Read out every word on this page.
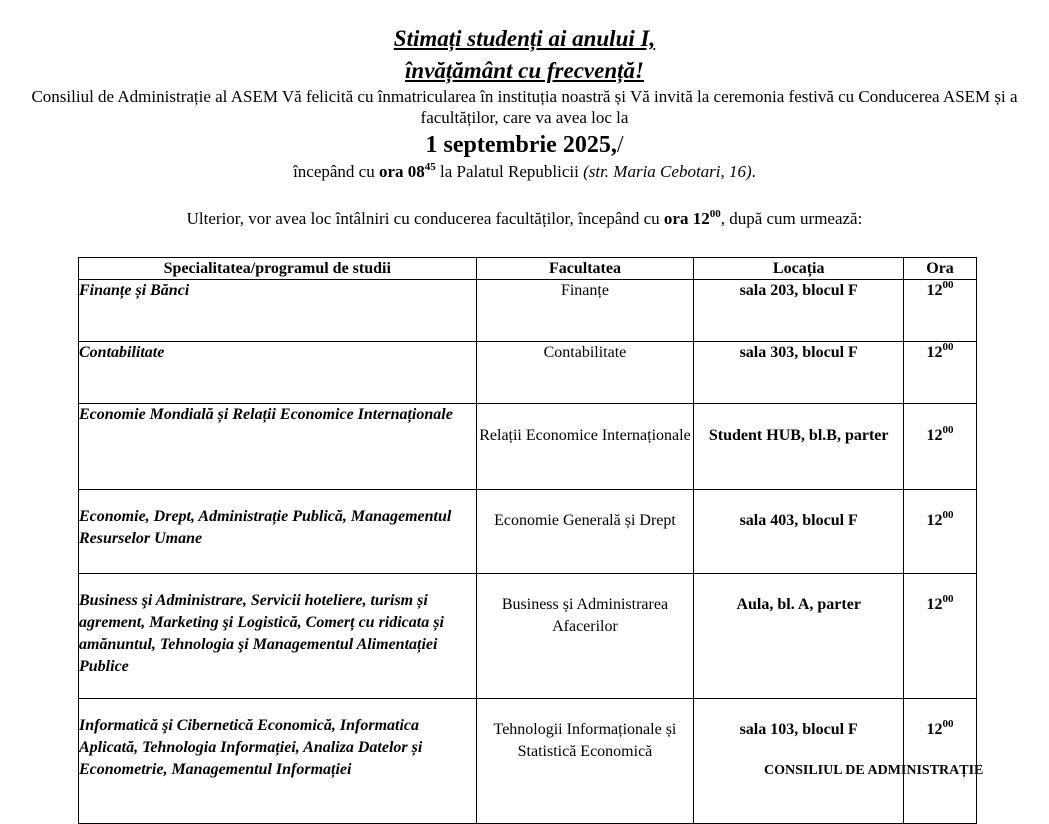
Stimați studenți ai anului I,
învățământ cu frecvență!
Consiliul de Administrație al ASEM Vă felicită cu înmatricularea în instituția noastră și Vă invită la ceremonia festivă cu Conducerea ASEM și a facultăților, care va avea loc la
1 septembrie 2025,/
începând cu ora $08^{45}$ la Palatul Republicii (str. Maria Cebotari, 16).
Ulterior, vor avea loc întâlniri cu conducerea facultăților, începând cu ora $12^{00}$, după cum urmează:
Specialitatea/programul de studii	Facultatea	Locația	Ora
Finanțe și Bănci	Finanțe	sala 203, blocul F	$12^{00}$
Contabilitate	Contabilitate	sala 303, blocul F	$12^{00}$
Economie Mondială și Relații Economice Internaționale	Relații Economice Internaționale	Student HUB, bl.B, parter	$12^{00}$
Economie, Drept, Administrație Publică, Managementul Resurselor Umane	Economie Generală și Drept	sala 403, blocul F	$12^{00}$
Business şi Administrare, Servicii hoteliere, turism și agrement, Marketing şi Logistică, Comerț cu ridicata și amănuntul, Tehnologia şi Managementul Alimentației Publice	Business și Administrarea Afacerilor	Aula, bl. A, parter	$12^{00}$
Informatică şi Cibernetică Economică, Informatica Aplicată, Tehnologia Informației, Analiza Datelor și Econometrie, Managementul Informației	Tehnologii Informaționale și Statistică Economică	sala 103, blocul F	$12^{00}$
CONSILIUL DE ADMINISTRAȚIE
